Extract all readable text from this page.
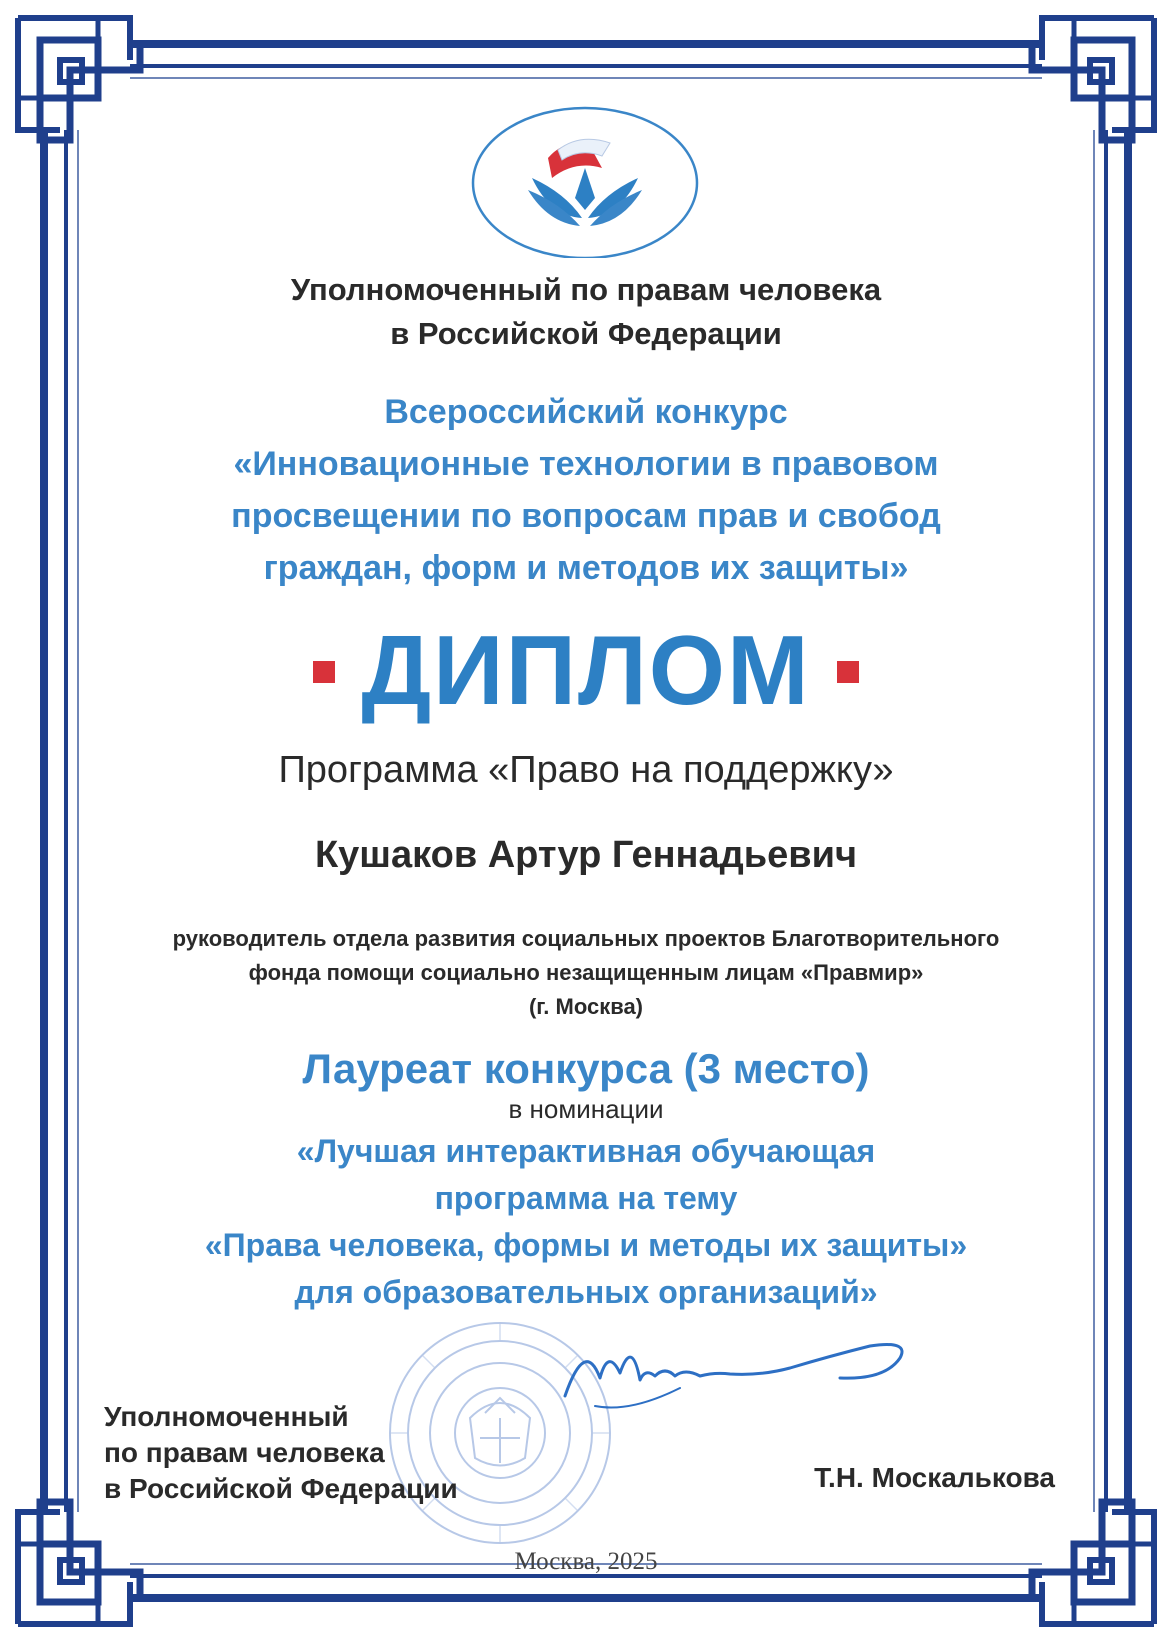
Уполномоченный по правам человека
в Российской Федерации
Всероссийский конкурс
«Инновационные технологии в правовом
просвещении по вопросам прав и свобод
граждан, форм и методов их защиты»
ДИПЛОМ
Программа «Право на поддержку»
Кушаков Артур Геннадьевич
руководитель отдела развития социальных проектов Благотворительного
фонда помощи социально незащищенным лицам «Правмир»
(г. Москва)
Лауреат конкурса (3 место)
в номинации
«Лучшая интерактивная обучающая
программа на тему
«Права человека, формы и методы их защиты»
для образовательных организаций»
Уполномоченный
по правам человека
в Российской Федерации	Т.Н. Москалькова
Москва, 2025
